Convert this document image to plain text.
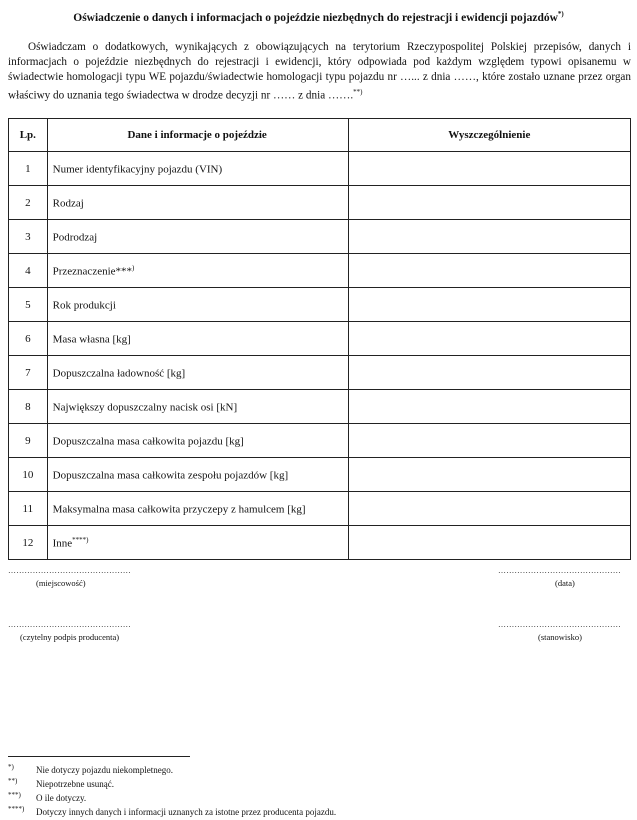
Oświadczenie o danych i informacjach o pojeździe niezbędnych do rejestracji i ewidencji pojazdów*)
Oświadczam o dodatkowych, wynikających z obowiązujących na terytorium Rzeczypospolitej Polskiej przepisów, danych i informacjach o pojeździe niezbędnych do rejestracji i ewidencji, który odpowiada pod każdym względem typowi opisanemu w świadectwie homologacji typu WE pojazdu/świadectwie homologacji typu pojazdu nr …... z dnia ……, które zostało uznane przez organ właściwy do uznania tego świadectwa w drodze decyzji nr …… z dnia …….**)
Lp.	Dane i informacje o pojeździe	Wyszczególnienie
1	Numer identyfikacyjny pojazdu (VIN)	
2	Rodzaj	
3	Podrodzaj	
4	Przeznaczenie***)	
5	Rok produkcji	
6	Masa własna [kg]	
7	Dopuszczalna ładowność [kg]	
8	Największy dopuszczalny nacisk osi [kN]	
9	Dopuszczalna masa całkowita pojazdu [kg]	
10	Dopuszczalna masa całkowita zespołu pojazdów [kg]	
11	Maksymalna masa całkowita przyczepy z hamulcem [kg]	
12	Inne****)	
………………………………………
(miejscowość)
………………………………………
(data)
………………………………………
(czytelny podpis producenta)
………………………………………
(stanowisko)
*) Nie dotyczy pojazdu niekompletnego.
**) Niepotrzebne usunąć.
***) O ile dotyczy.
****) Dotyczy innych danych i informacji uznanych za istotne przez producenta pojazdu.
